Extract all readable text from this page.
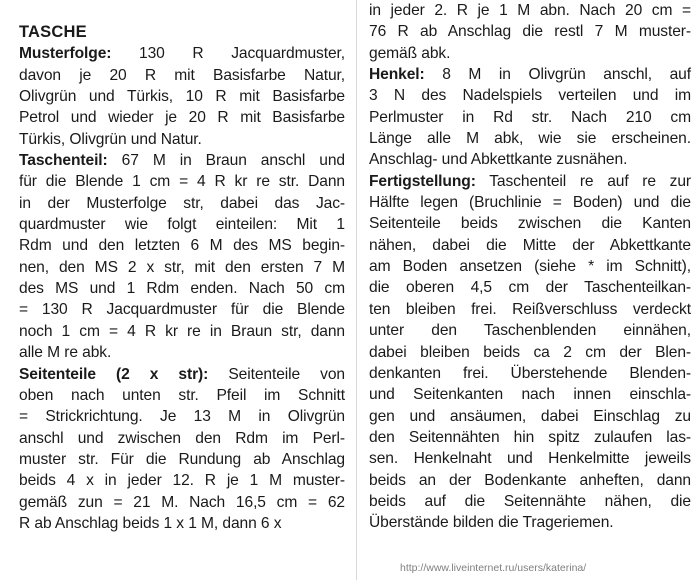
TASCHE
Musterfolge: 130 R Jacquardmuster,
davon je 20 R mit Basisfarbe Natur,
Olivgrün und Türkis, 10 R mit Basisfarbe
Petrol und wieder je 20 R mit Basisfarbe
Türkis, Olivgrün und Natur.
Taschenteil: 67 M in Braun anschl und
für die Blende 1 cm = 4 R kr re str. Dann
in der Musterfolge str, dabei das Jac-
quardmuster wie folgt einteilen: Mit 1
Rdm und den letzten 6 M des MS begin-
nen, den MS 2 x str, mit den ersten 7 M
des MS und 1 Rdm enden. Nach 50 cm
= 130 R Jacquardmuster für die Blende
noch 1 cm = 4 R kr re in Braun str, dann
alle M re abk.
Seitenteile (2 x str): Seitenteile von
oben nach unten str. Pfeil im Schnitt
= Strickrichtung. Je 13 M in Olivgrün
anschl und zwischen den Rdm im Perl-
muster str. Für die Rundung ab Anschlag
beids 4 x in jeder 12. R je 1 M muster-
gemäß zun = 21 M. Nach 16,5 cm = 62
R ab Anschlag beids 1 x 1 M, dann 6 x
in jeder 2. R je 1 M abn. Nach 20 cm =
76 R ab Anschlag die restl 7 M muster-
gemäß abk.
Henkel: 8 M in Olivgrün anschl, auf
3 N des Nadelspiels verteilen und im
Perlmuster in Rd str. Nach 210 cm
Länge alle M abk, wie sie erscheinen.
Anschlag- und Abkettkante zusnähen.
Fertigstellung: Taschenteil re auf re zur
Hälfte legen (Bruchlinie = Boden) und die
Seitenteile beids zwischen die Kanten
nähen, dabei die Mitte der Abkettkante
am Boden ansetzen (siehe * im Schnitt),
die oberen 4,5 cm der Taschenteilkan-
ten bleiben frei. Reißverschluss verdeckt
unter den Taschenblenden einnähen,
dabei bleiben beids ca 2 cm der Blen-
denkanten frei. Überstehende Blenden-
und Seitenkanten nach innen einschla-
gen und ansäumen, dabei Einschlag zu
den Seitennähten hin spitz zulaufen las-
sen. Henkelnaht und Henkelmitte jeweils
beids an der Bodenkante anheften, dann
beids auf die Seitennähte nähen, die
Überstände bilden die Trageriemen.
http://www.liveinternet.ru/users/katerina/
